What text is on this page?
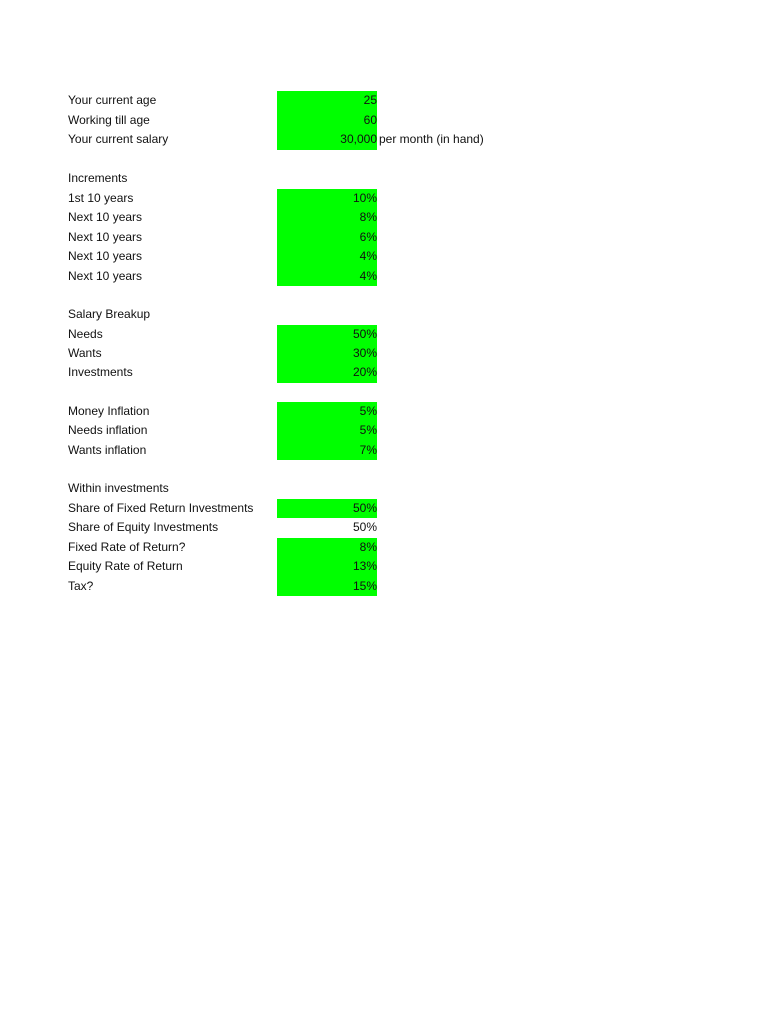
Your current age	25
Working till age	60
Your current salary	30,000 per month (in hand)
Increments
1st 10 years	10%
Next 10 years	8%
Next 10 years	6%
Next 10 years	4%
Next 10 years	4%
Salary Breakup
Needs	50%
Wants	30%
Investments	20%
Money Inflation	5%
Needs inflation	5%
Wants inflation	7%
Within investments
Share of Fixed Return Investments	50%
Share of Equity Investments	50%
Fixed Rate of Return?	8%
Equity Rate of Return	13%
Tax?	15%
